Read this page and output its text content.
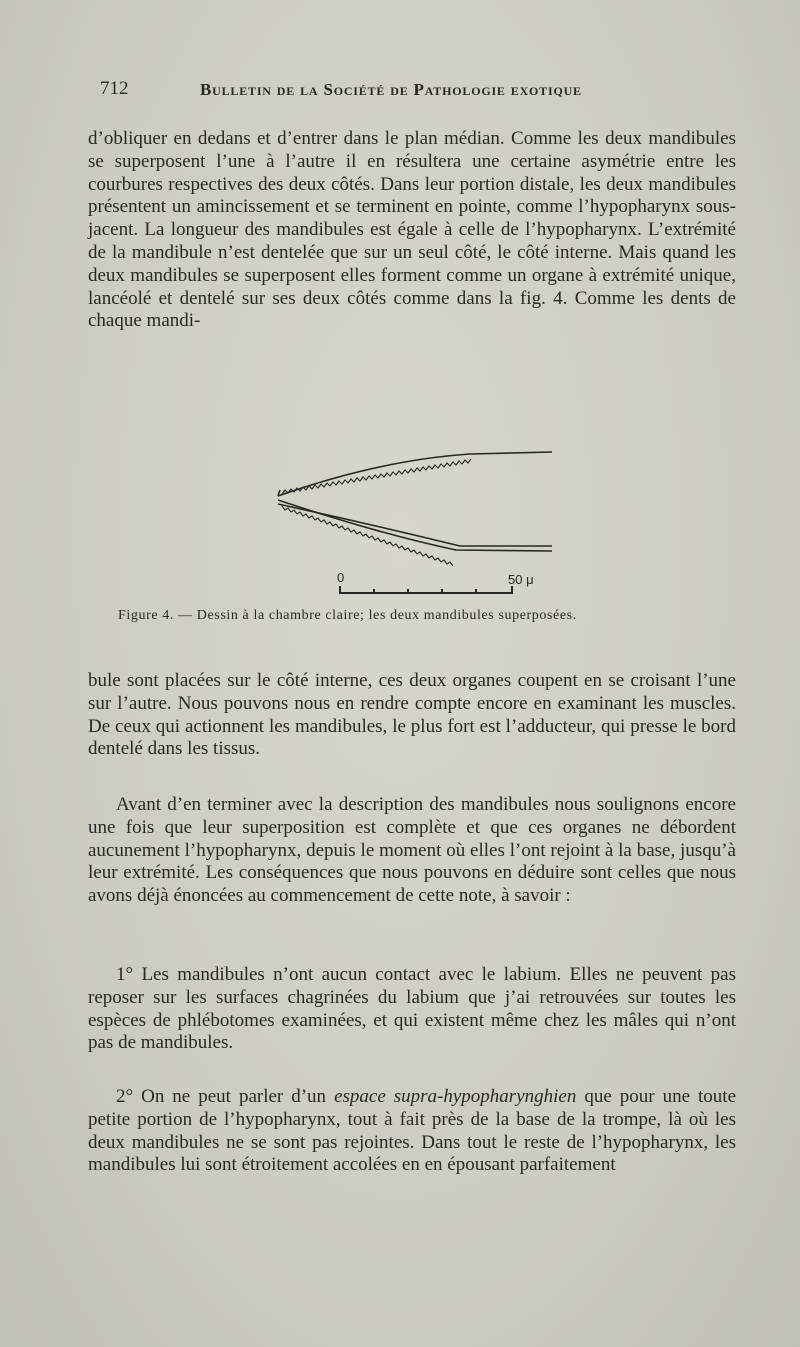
712	Bulletin de la Société de Pathologie exotique

d’obliquer en dedans et d’entrer dans le plan médian. Comme les deux mandibules se superposent l’une à l’autre il en résultera une certaine asymétrie entre les courbures respectives des deux côtés. Dans leur portion distale, les deux mandibules présentent un amincissement et se terminent en pointe, comme l’hypopharynx sous-jacent. La longueur des mandibules est égale à celle de l’hypopharynx. L’extrémité de la mandibule n’est dentelée que sur un seul côté, le côté interne. Mais quand les deux mandibules se superposent elles forment comme un organe à extrémité unique, lancéolé et dentelé sur ses deux côtés comme dans la fig. 4. Comme les dents de chaque mandi-

0	50 μ
Figure 4. — Dessin à la chambre claire; les deux mandibules superposées.

bule sont placées sur le côté interne, ces deux organes coupent en se croisant l’une sur l’autre. Nous pouvons nous en rendre compte encore en examinant les muscles. De ceux qui actionnent les mandibules, le plus fort est l’adducteur, qui presse le bord dentelé dans les tissus.

Avant d’en terminer avec la description des mandibules nous soulignons encore une fois que leur superposition est complète et que ces organes ne débordent aucunement l’hypopharynx, depuis le moment où elles l’ont rejoint à la base, jusqu’à leur extrémité. Les conséquences que nous pouvons en déduire sont celles que nous avons déjà énoncées au commencement de cette note, à savoir :

1° Les mandibules n’ont aucun contact avec le labium. Elles ne peuvent pas reposer sur les surfaces chagrinées du labium que j’ai retrouvées sur toutes les espèces de phlébotomes examinées, et qui existent même chez les mâles qui n’ont pas de mandibules.

2° On ne peut parler d’un espace supra-hypopharynghien que pour une toute petite portion de l’hypopharynx, tout à fait près de la base de la trompe, là où les deux mandibules ne se sont pas rejointes. Dans tout le reste de l’hypopharynx, les mandibules lui sont étroitement accolées en en épousant parfaitement
